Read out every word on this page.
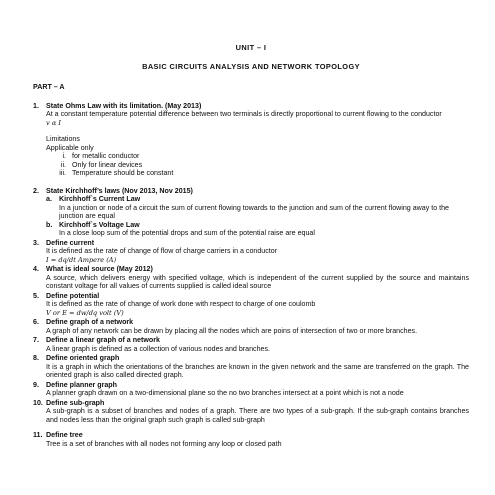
UNIT – I
BASIC CIRCUITS ANALYSIS AND NETWORK TOPOLOGY
PART – A
1. State Ohms Law with its limitation. (May 2013)
At a constant temperature potential difference between two terminals is directly proportional to current flowing to the conductor
v α I
Limitations
Applicable only
i. for metallic conductor
ii. Only for linear devices
iii. Temperature should be constant
2. State Kirchhoff’s laws (Nov 2013, Nov 2015)
a. Kirchhoff`s Current Law
In a junction or node of a circuit the sum of current flowing towards to the junction and sum of the current flowing away to the junction are equal
b. Kirchhoff`s Voltage Law
In a close loop sum of the potential drops and sum of the potential raise are equal
3. Define current
It is defined as the rate of change of flow of charge carriers in a conductor
I = dq/dt Ampere (A)
4. What is ideal source (May 2012)
A source, which delivers energy with specified voltage, which is independent of the current supplied by the source and maintains constant voltage for all values of currents supplied is called ideal source
5. Define potential
It is defined as the rate of change of work done with respect to charge of one coulomb
V or E = dw/dq volt (V)
6. Define graph of a network
A graph of any network can be drawn by placing all the nodes which are poins of intersection of two or more branches.
7. Define a linear graph of a network
A linear graph is defined as a collection of various nodes and branches.
8. Define oriented graph
It is a graph in which the orientations of the branches are known in the given network and the same are transferred on the graph. The oriented graph is also called directed graph.
9. Define planner graph
A planner graph drawn on a two-dimensional plane so the no two branches intersect at a point which is not a node
10. Define sub-graph
A sub-graph is a subset of branches and nodes of a graph. There are two types of a sub-graph. If the sub-graph contains branches and nodes less than the original graph such graph is called sub-graph
11. Define tree
Tree is a set of branches with all nodes not forming any loop or closed path
